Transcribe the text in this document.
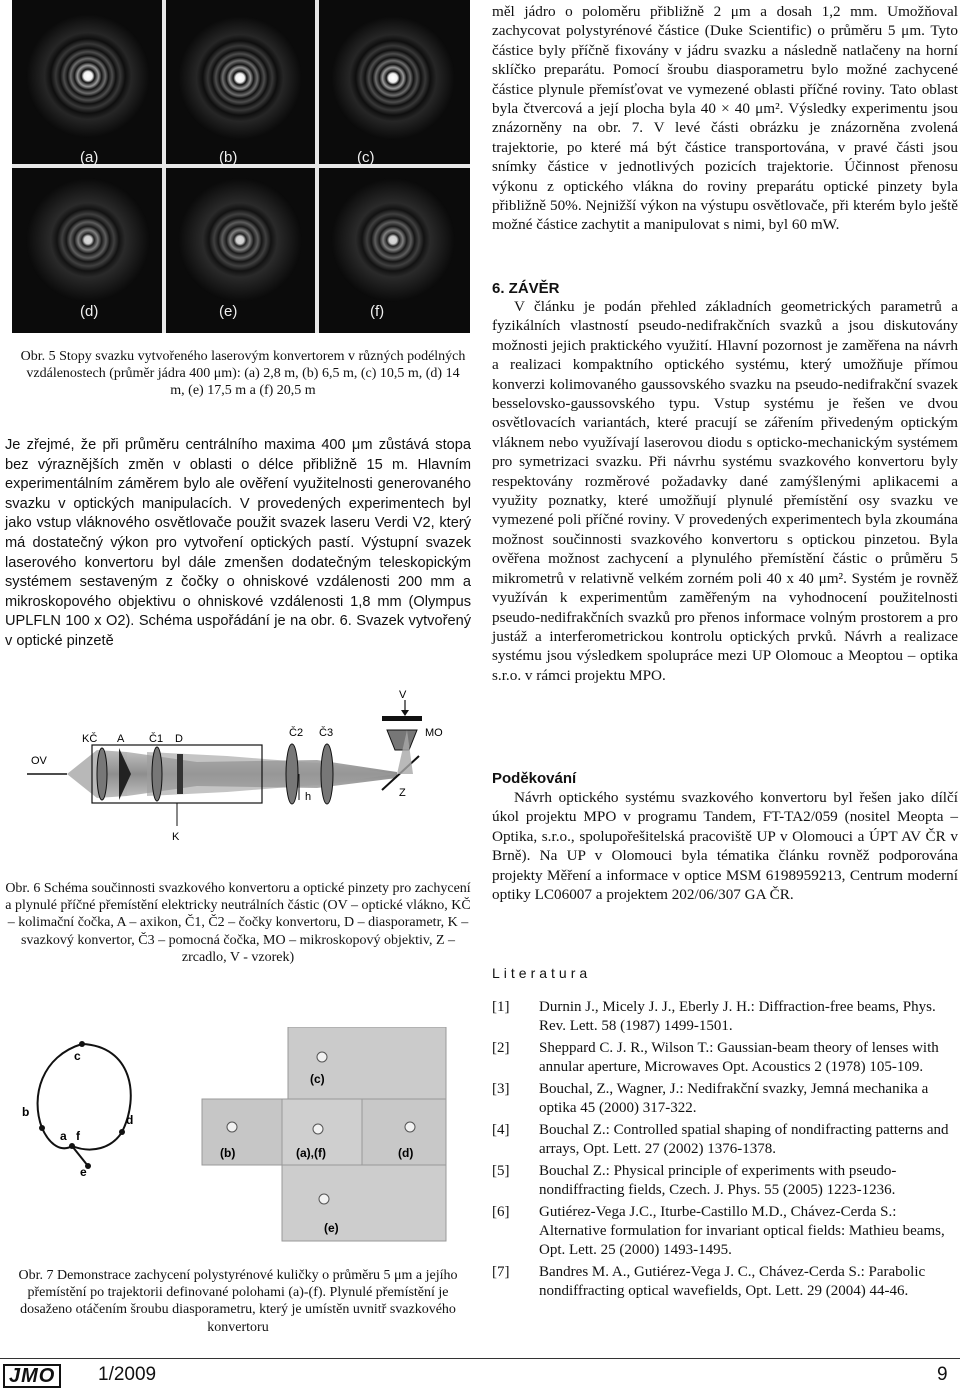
(a)	(b)	(c)
(d)	(e)	(f)
Obr. 5 Stopy svazku vytvořeného laserovým konvertorem v různých podélných vzdálenostech (průměr jádra 400 μm): (a) 2,8 m, (b) 6,5 m, (c) 10,5 m, (d) 14 m, (e) 17,5 m a (f) 20,5 m

Je zřejmé, že při průměru centrálního maxima 400 μm zůstává stopa bez výraznějších změn v oblasti o délce přibližně 15 m. Hlavním experimentálním záměrem bylo ale ověření využitelnosti generovaného svazku v optických manipulacích. V provedených experimentech byl jako vstup vláknového osvětlovače použit svazek laseru Verdi V2, který má dostatečný výkon pro vytvoření optických pastí. Výstupní svazek laserového konvertoru byl dále zmenšen dodatečným teleskopickým systémem sestaveným z čočky o ohniskové vzdálenosti 200 mm a mikroskopového objektivu o ohniskové vzdálenosti 1,8 mm (Olympus UPLFLN 100 x O2). Schéma uspořádání je na obr. 6. Svazek vytvořený v optické pinzetě

OV
KČ A Č1 D
K
Č2 Č3
V
MO
h	Z
Obr. 6 Schéma součinnosti svazkového konvertoru a optické pinzety pro zachycení a plynulé příčné přemístění elektricky neutrálních částic (OV – optické vlákno, KČ – kolimační čočka, A – axikon, Č1, Č2 – čočky konvertoru, D – diasporametr, K – svazkový konvertor, Č3 – pomocná čočka, MO – mikroskopový objektiv, Z – zrcadlo, V - vzorek)
c
b
a f
d
e
(c)
(b)	(a),(f)	(d)
(e)
Obr. 7 Demonstrace zachycení polystyrénové kuličky o průměru 5 μm a jejího přemístění po trajektorii definované polohami (a)-(f). Plynulé přemístění je dosaženo otáčením šroubu diasporametru, který je umístěn uvnitř svazkového konvertoru
měl jádro o poloměru přibližně 2 μm a dosah 1,2 mm. Umožňoval zachycovat polystyrénové částice (Duke Scientific) o průměru 5 μm. Tyto částice byly příčně fixovány v jádru svazku a následně natlačeny na horní sklíčko preparátu. Pomocí šroubu diasporametru bylo možné zachycené částice plynule přemísťovat ve vymezené oblasti příčné roviny. Tato oblast byla čtvercová a její plocha byla 40 × 40 μm². Výsledky experimentu jsou znázorněny na obr. 7. V levé části obrázku je znázorněna zvolená trajektorie, po které má být částice transportována, v pravé části jsou snímky částice v jednotlivých pozicích trajektorie. Účinnost přenosu výkonu z optického vlákna do roviny preparátu optické pinzety byla přibližně 50%. Nejnižší výkon na výstupu osvětlovače, při kterém bylo ještě možné částice zachytit a manipulovat s nimi, byl 60 mW.
6. ZÁVĚR
V článku je podán přehled základních geometrických parametrů a fyzikálních vlastností pseudo-nedifrakčních svazků a jsou diskutovány možnosti jejich praktického využití. Hlavní pozornost je zaměřena na návrh a realizaci kompaktního optického systému, který umožňuje přímou konverzi kolimovaného gaussovského svazku na pseudo-nedifrakční svazek besselovsko-gaussovského typu. Vstup systému je řešen ve dvou osvětlovacích variantách, které pracují se zářením přivedeným optickým vláknem nebo využívají laserovou diodu s opticko-mechanickým systémem pro symetrizaci svazku. Při návrhu systému svazkového konvertoru byly respektovány rozměrové požadavky dané zamýšlenými aplikacemi a využity poznatky, které umožňují plynulé přemístění osy svazku ve vymezené poli příčné roviny. V provedených experimentech byla zkoumána možnost součinnosti svazkového konvertoru s optickou pinzetou. Byla ověřena možnost zachycení a plynulého přemístění částic o průměru 5 mikrometrů v relativně velkém zorném poli 40 x 40 μm². Systém je rovněž využíván k experimentům zaměřeným na vyhodnocení použitelnosti pseudo-nedifrakčních svazků pro přenos informace volným prostorem a pro justáž a interferometrickou kontrolu optických prvků. Návrh a realizace systému jsou výsledkem spolupráce mezi UP Olomouc a Meoptou – optika s.r.o. v rámci projektu MPO.
Poděkování
Návrh optického systému svazkového konvertoru byl řešen jako dílčí úkol projektu MPO v programu Tandem, FT-TA2/059 (nositel Meopta – Optika, s.r.o., spolupořešitelská pracoviště UP v Olomouci a ÚPT AV ČR v Brně). Na UP v Olomouci byla tématika článku rovněž podporována projekty Měření a informace v optice MSM 6198959213, Centrum moderní optiky LC06007 a projektem 202/06/307 GA ČR.
Literatura
[1] Durnin J., Micely J. J., Eberly J. H.: Diffraction-free beams, Phys. Rev. Lett. 58 (1987) 1499-1501.
[2] Sheppard C. J. R., Wilson T.: Gaussian-beam theory of lenses with annular aperture, Microwaves Opt. Acoustics 2 (1978) 105-109.
[3] Bouchal, Z., Wagner, J.: Nedifrakční svazky, Jemná mechanika a optika 45 (2000) 317-322.
[4] Bouchal Z.: Controlled spatial shaping of nondifracting patterns and arrays, Opt. Lett. 27 (2002) 1376-1378.
[5] Bouchal Z.: Physical principle of experiments with pseudo-nondiffracting fields, Czech. J. Phys. 55 (2005) 1223-1236.
[6] Gutiérez-Vega J.C., Iturbe-Castillo M.D., Chávez-Cerda S.: Alternative formulation for invariant optical fields: Mathieu beams, Opt. Lett. 25 (2000) 1493-1495.
[7] Bandres M. A., Gutiérez-Vega J. C., Chávez-Cerda S.: Parabolic nondiffracting optical wavefields, Opt. Lett. 29 (2004) 44-46.
JMO	1/2009	9
